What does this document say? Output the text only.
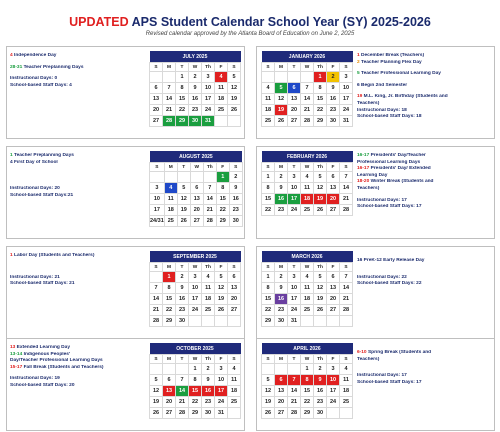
UPDATED APS Student Calendar School Year (SY) 2025-2026
Revised calendar approved by the Atlanta Board of Education on June 2, 2025
JULY 2025						
S	M	T	W	Th	F	S
		1	2	3	4	5
6	7	8	9	10	11	12
13	14	15	16	17	18	19
20	21	22	23	24	25	26
27	28	29	30	31		
4 Independence Day
28-31 Teacher Preplanning Days
Instructional Days: 0
School-based Staff Days: 4
JANUARY 2026						
S	M	T	W	Th	F	S
				1	2	3
4	5	6	7	8	9	10
11	12	13	14	15	16	17
18	19	20	21	22	23	24
25	26	27	28	29	30	31
1 December Break (Teachers)
2 Teacher Planning Flex Day
5 Teacher Professional Learning Day
6 Begin 2nd Semester
19 M.L. King, Jr. Birthday (Students and
Teachers)
Instructional Days: 18
School-based Staff Days: 18
AUGUST 2025						
S	M	T	W	Th	F	S
					1	2
3	4	5	6	7	8	9
10	11	12	13	14	15	16
17	18	19	20	21	22	23
24/31	25	26	27	28	29	30
1 Teacher Preplanning Days
4 First Day of School
Instructional Days: 20
School-based Staff Days:21
FEBRUARY 2026						
S	M	T	W	Th	F	S
1	2	3	4	5	6	7
8	9	10	11	12	13	14
15	16	17	18	19	20	21
22	23	24	25	26	27	28
16-17 Presidents' Day/Teacher
Professional Learning Days
16-17 Presidents' Day/ Extended
Learning Day
18-20 Winter Break (Students and
Teachers)
Instructional Days: 17
School-based Staff Days: 17
SEPTEMBER 2025						
S	M	T	W	Th	F	S
	1	2	3	4	5	6
7	8	9	10	11	12	13
14	15	16	17	18	19	20
21	22	23	24	25	26	27
28	29	30				
1 Labor Day (Students and Teachers)
Instructional Days: 21
School-based Staff Days: 21
MARCH 2026						
S	M	T	W	Th	F	S
1	2	3	4	5	6	7
8	9	10	11	12	13	14
15	16	17	18	19	20	21
22	23	24	25	26	27	28
29	30	31				
16 PreK-12 Early Release Day
Instructional Days: 22
School-based Staff Days: 22
OCTOBER 2025						
S	M	T	W	Th	F	S
			1	2	3	4
5	6	7	8	9	10	11
12	13	14	15	16	17	18
19	20	21	22	23	24	25
26	27	28	29	30	31	
13 Extended Learning Day
13-14 Indigenous Peoples'
Day/Teacher Professional Learning Days
15-17 Fall Break (Students and Teachers)
Instructional Days: 19
School-based Staff Days: 20
APRIL 2026						
S	M	T	W	Th	F	S
			1	2	3	4
5	6	7	8	9	10	11
12	13	14	15	16	17	18
19	20	21	22	23	24	25
26	27	28	29	30		
6-10 Spring Break (Students and
Teachers)
Instructional Days: 17
School-based Staff Days: 17
